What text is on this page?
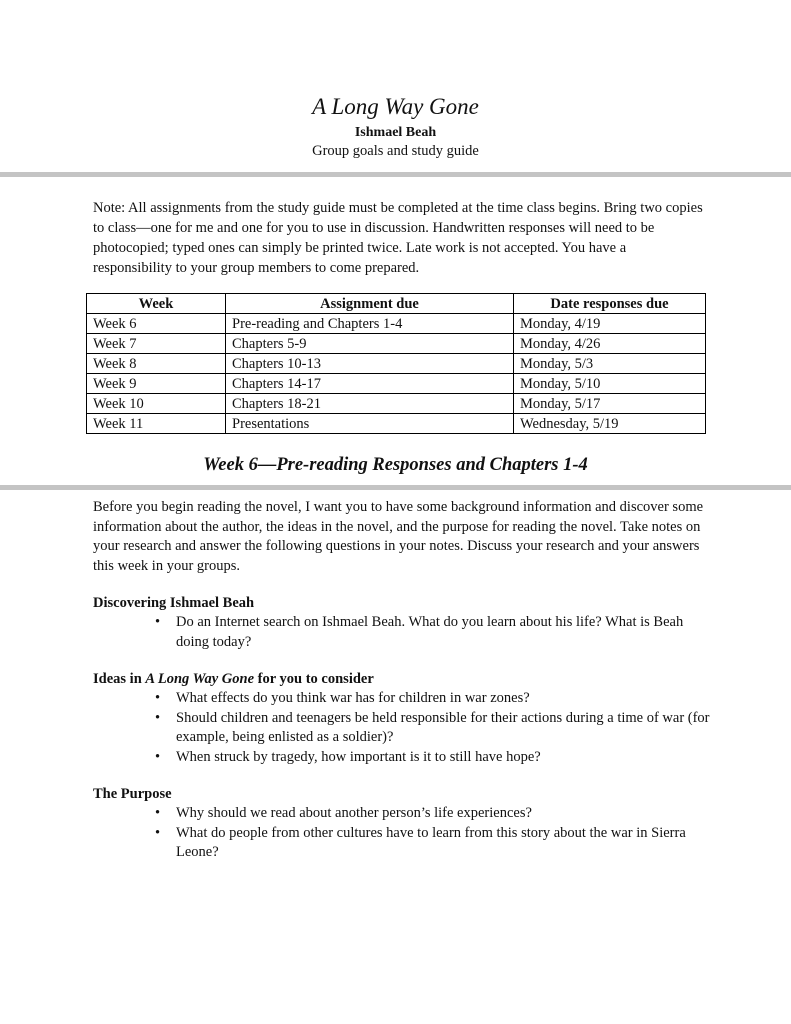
A Long Way Gone
Ishmael Beah
Group goals and study guide

Note: All assignments from the study guide must be completed at the time class begins. Bring two copies to class—one for me and one for you to use in discussion. Handwritten responses will need to be photocopied; typed ones can simply be printed twice. Late work is not accepted. You have a responsibility to your group members to come prepared.

Week	Assignment due	Date responses due
Week 6	Pre-reading and Chapters 1-4	Monday, 4/19
Week 7	Chapters 5-9	Monday, 4/26
Week 8	Chapters 10-13	Monday, 5/3
Week 9	Chapters 14-17	Monday, 5/10
Week 10	Chapters 18-21	Monday, 5/17
Week 11	Presentations	Wednesday, 5/19
Week 6—Pre-reading Responses and Chapters 1-4

Before you begin reading the novel, I want you to have some background information and discover some information about the author, the ideas in the novel, and the purpose for reading the novel. Take notes on your research and answer the following questions in your notes. Discuss your research and your answers this week in your groups.

Discovering Ishmael Beah

• Do an Internet search on Ishmael Beah. What do you learn about his life? What is Beah doing today?

Ideas in A Long Way Gone for you to consider

• What effects do you think war has for children in war zones?
• Should children and teenagers be held responsible for their actions during a time of war (for example, being enlisted as a soldier)?
• When struck by tragedy, how important is it to still have hope?

The Purpose

• Why should we read about another person’s life experiences?
• What do people from other cultures have to learn from this story about the war in Sierra Leone?
